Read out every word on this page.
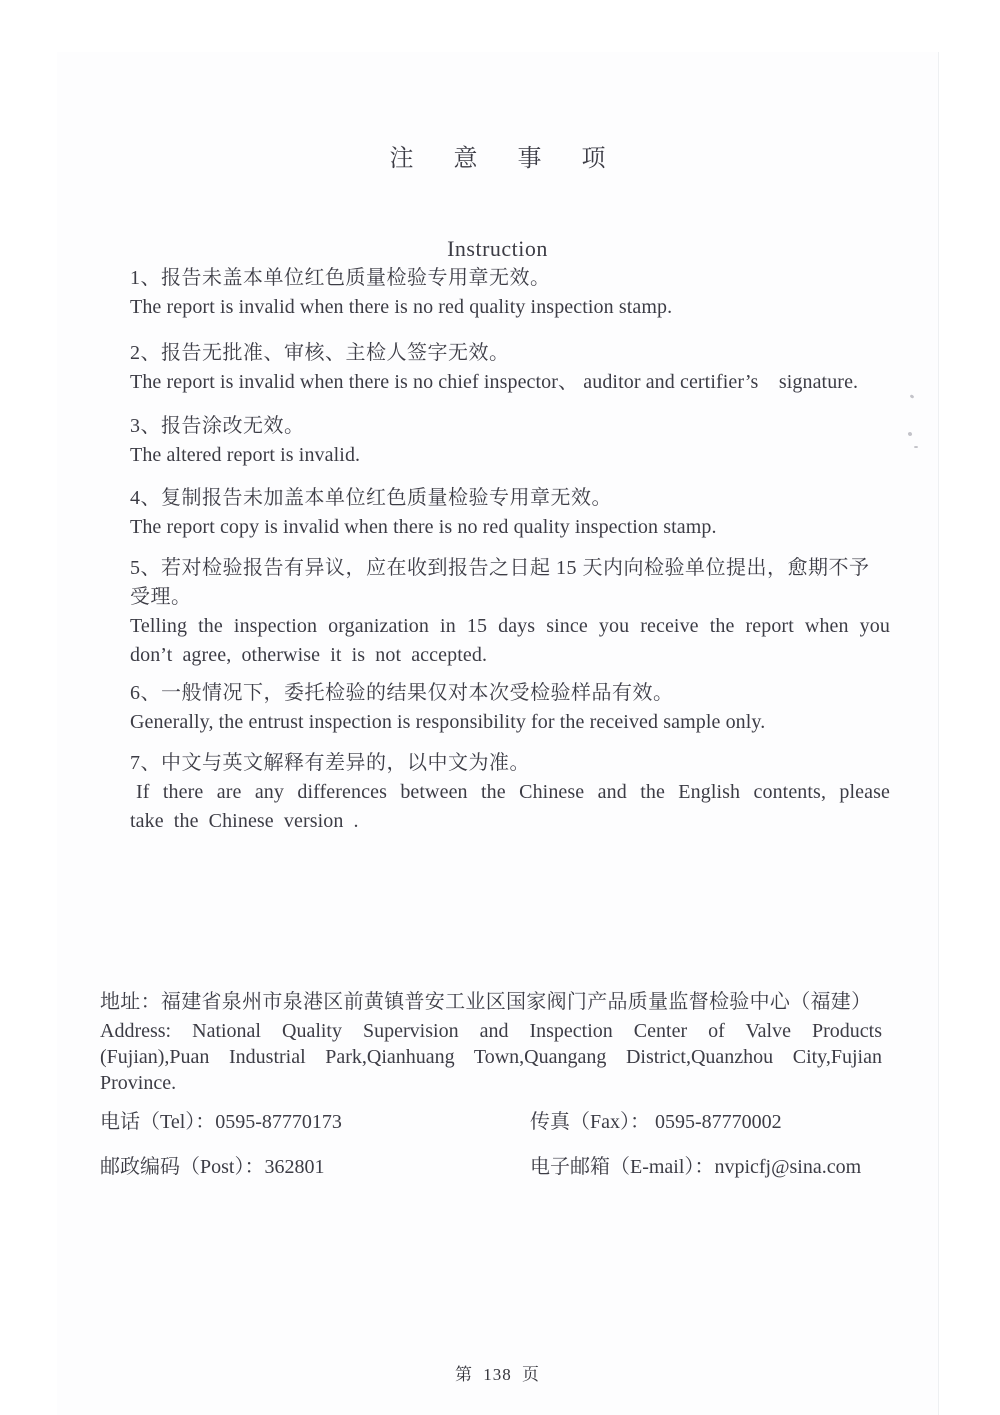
注意事项
Instruction
1、报告未盖本单位红色质量检验专用章无效。
The report is invalid when there is no red quality inspection stamp.
2、报告无批准、审核、主检人签字无效。
The report is invalid when there is no chief inspector、 auditor and certifier’s    signature.
3、报告涂改无效。
The altered report is invalid.
4、复制报告未加盖本单位红色质量检验专用章无效。
The report copy is invalid when there is no red quality inspection stamp.
5、若对检验报告有异议，应在收到报告之日起 15 天内向检验单位提出，愈期不予
受理。
Telling the inspection organization in 15 days since you receive the report when you don’t agree, otherwise it is not accepted.
6、一般情况下，委托检验的结果仅对本次受检验样品有效。
Generally, the entrust inspection is responsibility for the received sample only.
7、中文与英文解释有差异的，以中文为准。
If there are any differences between the Chinese and the English contents, please take the Chinese version .
地址：福建省泉州市泉港区前黄镇普安工业区国家阀门产品质量监督检验中心（福建）
Address: National Quality Supervision and Inspection Center of Valve Products (Fujian),Puan Industrial Park,Qianhuang Town,Quangang District,Quanzhou City,Fujian Province.
电话（Tel）：0595-87770173	传真（Fax）： 0595-87770002
邮政编码（Post）：362801	电子邮箱（E-mail）：nvpicfj@sina.com
第 138 页
